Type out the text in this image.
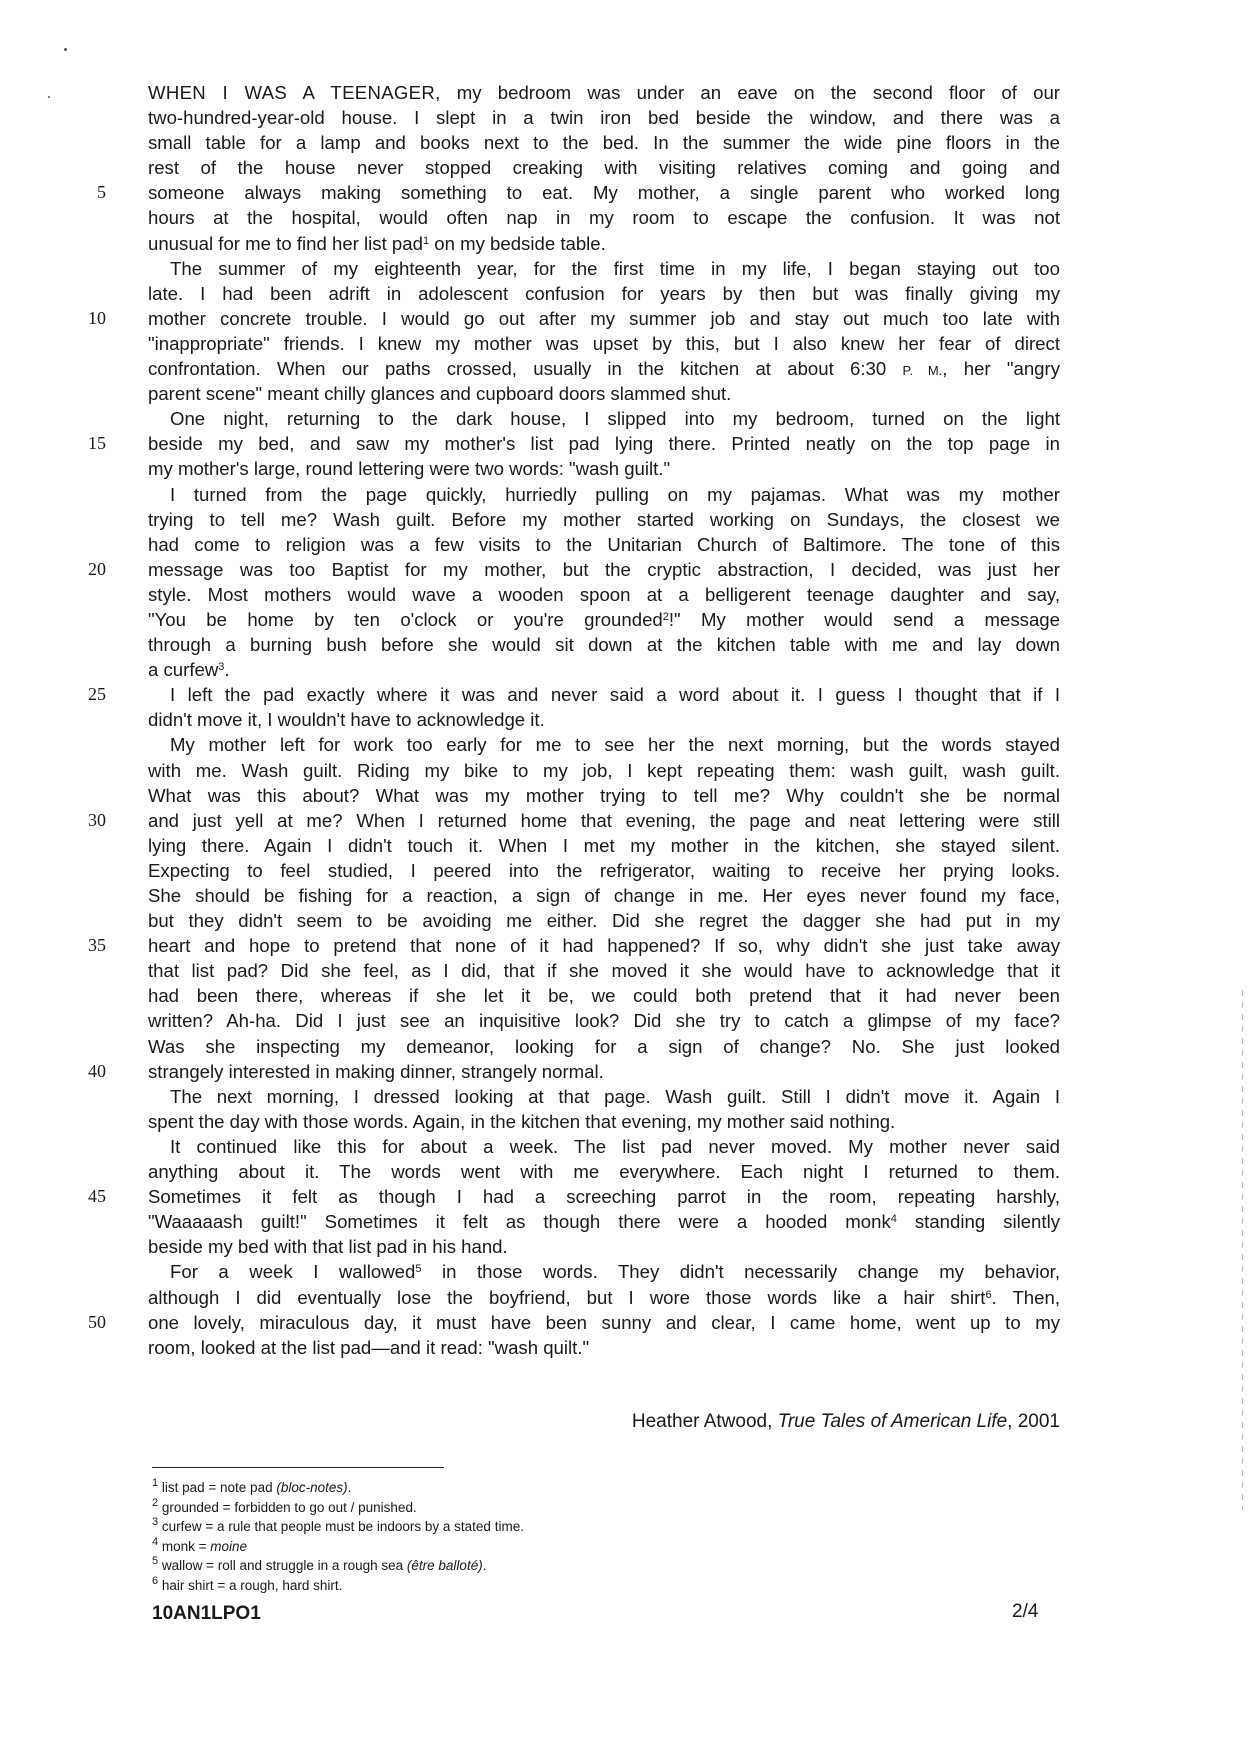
5
10
15
20
25
30
35
40
45
50
WHEN I WAS A TEENAGER, my bedroom was under an eave on the second floor of our
two-hundred-year-old house. I slept in a twin iron bed beside the window, and there was a
small table for a lamp and books next to the bed. In the summer the wide pine floors in the
rest of the house never stopped creaking with visiting relatives coming and going and
someone always making something to eat. My mother, a single parent who worked long
hours at the hospital, would often nap in my room to escape the confusion. It was not
unusual for me to find her list pad$^1$ on my bedside table.
The summer of my eighteenth year, for the first time in my life, I began staying out too
late. I had been adrift in adolescent confusion for years by then but was finally giving my
mother concrete trouble. I would go out after my summer job and stay out much too late with
"inappropriate" friends. I knew my mother was upset by this, but I also knew her fear of direct
confrontation. When our paths crossed, usually in the kitchen at about 6:30 P. M., her "angry
parent scene" meant chilly glances and cupboard doors slammed shut.
One night, returning to the dark house, I slipped into my bedroom, turned on the light
beside my bed, and saw my mother's list pad lying there. Printed neatly on the top page in
my mother's large, round lettering were two words: "wash guilt."
I turned from the page quickly, hurriedly pulling on my pajamas. What was my mother
trying to tell me? Wash guilt. Before my mother started working on Sundays, the closest we
had come to religion was a few visits to the Unitarian Church of Baltimore. The tone of this
message was too Baptist for my mother, but the cryptic abstraction, I decided, was just her
style. Most mothers would wave a wooden spoon at a belligerent teenage daughter and say,
"You be home by ten o'clock or you're grounded$^2$!" My mother would send a message
through a burning bush before she would sit down at the kitchen table with me and lay down
a curfew$^3$.
I left the pad exactly where it was and never said a word about it. I guess I thought that if I
didn't move it, I wouldn't have to acknowledge it.
My mother left for work too early for me to see her the next morning, but the words stayed
with me. Wash guilt. Riding my bike to my job, I kept repeating them: wash guilt, wash guilt.
What was this about? What was my mother trying to tell me? Why couldn't she be normal
and just yell at me? When I returned home that evening, the page and neat lettering were still
lying there. Again I didn't touch it. When I met my mother in the kitchen, she stayed silent.
Expecting to feel studied, I peered into the refrigerator, waiting to receive her prying looks.
She should be fishing for a reaction, a sign of change in me. Her eyes never found my face,
but they didn't seem to be avoiding me either. Did she regret the dagger she had put in my
heart and hope to pretend that none of it had happened? If so, why didn't she just take away
that list pad? Did she feel, as I did, that if she moved it she would have to acknowledge that it
had been there, whereas if she let it be, we could both pretend that it had never been
written? Ah-ha. Did I just see an inquisitive look? Did she try to catch a glimpse of my face?
Was she inspecting my demeanor, looking for a sign of change? No. She just looked
strangely interested in making dinner, strangely normal.
The next morning, I dressed looking at that page. Wash guilt. Still I didn't move it. Again I
spent the day with those words. Again, in the kitchen that evening, my mother said nothing.
It continued like this for about a week. The list pad never moved. My mother never said
anything about it. The words went with me everywhere. Each night I returned to them.
Sometimes it felt as though I had a screeching parrot in the room, repeating harshly,
"Waaaaash guilt!" Sometimes it felt as though there were a hooded monk$^4$ standing silently
beside my bed with that list pad in his hand.
For a week I wallowed$^5$ in those words. They didn't necessarily change my behavior,
although I did eventually lose the boyfriend, but I wore those words like a hair shirt$^6$. Then,
one lovely, miraculous day, it must have been sunny and clear, I came home, went up to my
room, looked at the list pad—and it read: "wash quilt."
Heather Atwood, True Tales of American Life, 2001
$^1$ list pad = note pad (bloc-notes).
$^2$ grounded = forbidden to go out / punished.
$^3$ curfew = a rule that people must be indoors by a stated time.
$^4$ monk = moine
$^5$ wallow = roll and struggle in a rough sea (être balloté).
$^6$ hair shirt = a rough, hard shirt.
10AN1LPO1	2/4
